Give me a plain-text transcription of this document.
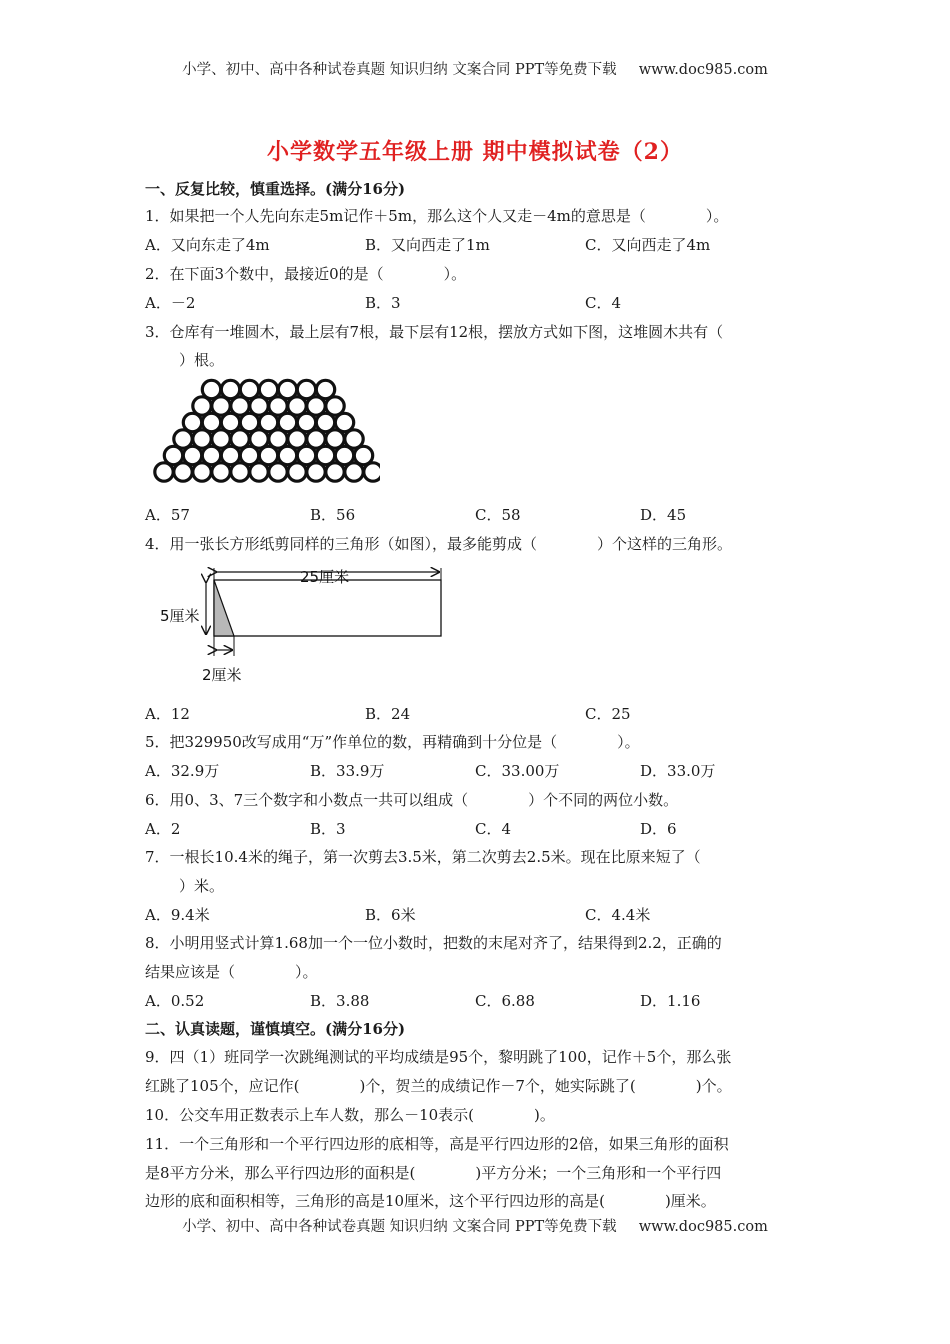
小学、初中、高中各种试卷真题 知识归纳 文案合同 PPT等免费下载 www.doc985.com
小学数学五年级上册 期中模拟试卷（2）
一、反复比较，慎重选择。(满分16分)
1．如果把一个人先向东走5m记作＋5m，那么这个人又走－4m的意思是（　　　　）。
A．又向东走了4m	B．又向西走了1m	C．又向西走了4m
2．在下面3个数中，最接近0的是（　　　　）。
A．－2	B．3	C．4
3．仓库有一堆圆木，最上层有7根，最下层有12根，摆放方式如下图，这堆圆木共有（
　）根。
A．57	B．56	C．58	D．45
4．用一张长方形纸剪同样的三角形（如图），最多能剪成（　　　　）个这样的三角形。
25厘米
5厘米
2厘米
A．12	B．24	C．25
5．把329950改写成用“万”作单位的数，再精确到十分位是（　　　　）。
A．32.9万	B．33.9万	C．33.00万	D．33.0万
6．用0、3、7三个数字和小数点一共可以组成（　　　　）个不同的两位小数。
A．2	B．3	C．4	D．6
7．一根长10.4米的绳子，第一次剪去3.5米，第二次剪去2.5米。现在比原来短了（
　）米。
A．9.4米	B．6米	C．4.4米
8．小明用竖式计算1.68加一个一位小数时，把数的末尾对齐了，结果得到2.2，正确的
结果应该是（　　　　）。
A．0.52	B．3.88	C．6.88	D．1.16
二、认真读题，谨慎填空。(满分16分)
9．四（1）班同学一次跳绳测试的平均成绩是95个，黎明跳了100，记作＋5个，那么张
红跳了105个，应记作(　　　　)个，贺兰的成绩记作－7个，她实际跳了(　　　　)个。
10．公交车用正数表示上车人数，那么－10表示(　　　　)。
11．一个三角形和一个平行四边形的底相等，高是平行四边形的2倍，如果三角形的面积
是8平方分米，那么平行四边形的面积是(　　　　)平方分米；一个三角形和一个平行四
边形的底和面积相等，三角形的高是10厘米，这个平行四边形的高是(　　　　)厘米。
小学、初中、高中各种试卷真题 知识归纳 文案合同 PPT等免费下载 www.doc985.com
